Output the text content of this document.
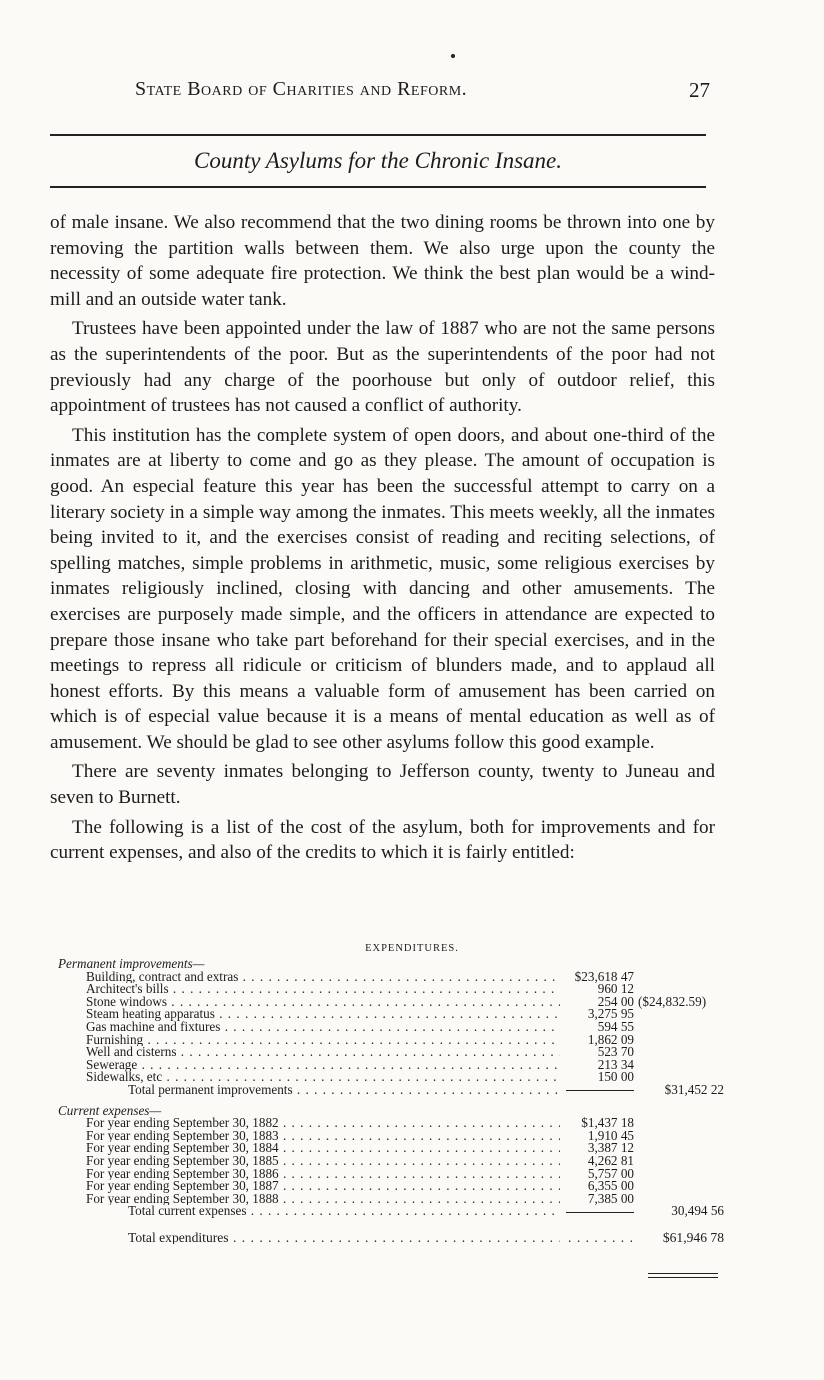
State Board of Charities and Reform.	27
County Asylums for the Chronic Insane.

of male insane. We also recommend that the two dining rooms be thrown into one by removing the partition walls between them. We also urge upon the county the necessity of some adequate fire protection. We think the best plan would be a wind-mill and an outside water tank.

Trustees have been appointed under the law of 1887 who are not the same persons as the superintendents of the poor. But as the superintendents of the poor had not previously had any charge of the poorhouse but only of outdoor relief, this appointment of trustees has not caused a conflict of authority.

This institution has the complete system of open doors, and about one-third of the inmates are at liberty to come and go as they please. The amount of occupation is good. An especial feature this year has been the successful attempt to carry on a literary society in a simple way among the inmates. This meets weekly, all the inmates being invited to it, and the exercises consist of reading and reciting selections, of spelling matches, simple problems in arithmetic, music, some religious exercises by inmates religiously inclined, closing with dancing and other amusements. The exercises are purposely made simple, and the officers in attendance are expected to prepare those insane who take part beforehand for their special exercises, and in the meetings to repress all ridicule or criticism of blunders made, and to applaud all honest efforts. By this means a valuable form of amusement has been carried on which is of especial value because it is a means of mental education as well as of amusement. We should be glad to see other asylums follow this good example.

There are seventy inmates belonging to Jefferson county, twenty to Juneau and seven to Burnett.

The following is a list of the cost of the asylum, both for improvements and for current expenses, and also of the credits to which it is fairly entitled:

EXPENDITURES.
Permanent improvements—
Building, contract and extras . . .	$23,618 47
Architect's bills . . .	960 12
Stone windows . . .	254 00 ($24,832.59)
Steam heating apparatus . . .	3,275 95
Gas machine and fixtures . . .	594 55
Furnishing . . .	1,862 09
Well and cisterns . . .	523 70
Sewerage . . .	213 34
Sidewalks, etc . . .	150 00
Total permanent improvements . . .	$31,452 22
Current expenses—
For year ending September 30, 1882 . . .	$1,437 18
For year ending September 30, 1883 . . .	1,910 45
For year ending September 30, 1884 . . .	3,387 12
For year ending September 30, 1885 . . .	4,262 81
For year ending September 30, 1886 . . .	5,757 00
For year ending September 30, 1887 . . .	6,355 00
For year ending September 30, 1888 . . .	7,385 00
Total current expenses . . .	30,494 56
Total expenditures . . .	. . . . . . . .	$61,946 78
